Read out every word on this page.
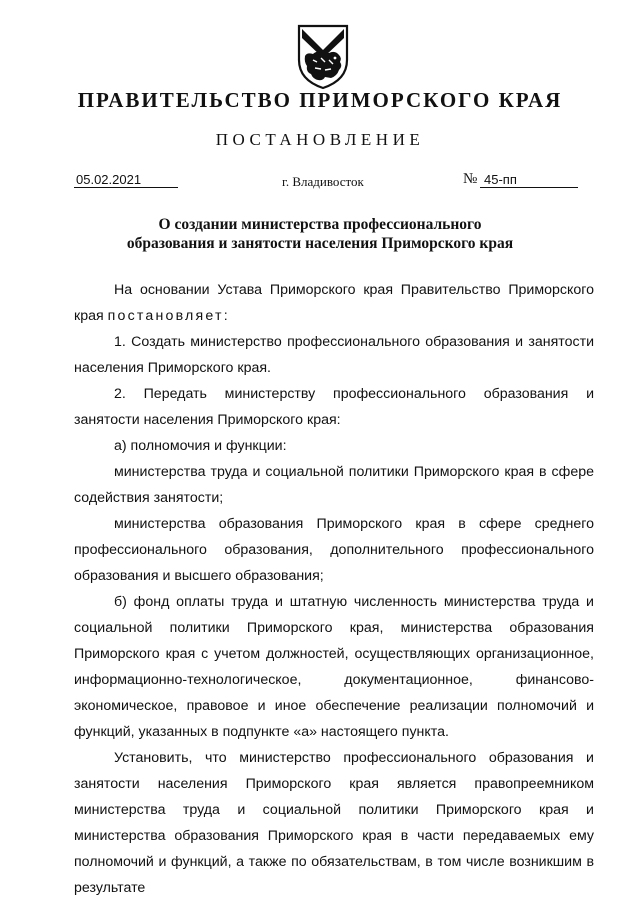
ПРАВИТЕЛЬСТВО ПРИМОРСКОГО КРАЯ
ПОСТАНОВЛЕНИЕ
05.02.2021	г. Владивосток	№ 45-пп
О создании министерства профессионального
образования и занятости населения Приморского края

На основании Устава Приморского края Правительство Приморского края постановляет:

1. Создать министерство профессионального образования и занятости населения Приморского края.

2. Передать министерству профессионального образования и занятости населения Приморского края:

а) полномочия и функции:

министерства труда и социальной политики Приморского края в сфере содействия занятости;

министерства образования Приморского края в сфере среднего профессионального образования, дополнительного профессионального образования и высшего образования;

б) фонд оплаты труда и штатную численность министерства труда и социальной политики Приморского края, министерства образования Приморского края с учетом должностей, осуществляющих организационное, информационно-технологическое, документационное, финансово-экономическое, правовое и иное обеспечение реализации полномочий и функций, указанных в подпункте «а» настоящего пункта.

Установить, что министерство профессионального образования и занятости населения Приморского края является правопреемником министерства труда и социальной политики Приморского края и министерства образования Приморского края в части передаваемых ему полномочий и функций, а также по обязательствам, в том числе возникшим в результате
